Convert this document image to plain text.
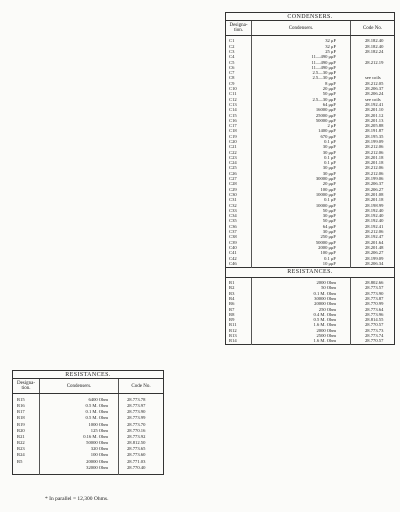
CONDENSERS.		
Designa-
tion.	Condensers.	Code No.
C1	32 μF	28.182.40
C2	32 μF	28.182.40
C3	25 μF	28.182.24
C4	11—490 μμF	
C5	11—490 μμF	28.212.19
C6	11—490 μμF	
C7	2.5—30 μμF	
C8	2.5—30 μμF	see coils
C9	8 μμF	28.212.05
C10	20 μμF	28.206.37
C11	50 μμF	28.206.24
C12	2.5—30 μμF	see coils
C13	64 μμF	28.192.41
C14	16000 μμF	28.201.10
C15	25000 μμF	28.201.12
C16	50000 μμF	28.201.13
C17	2 μF	28.205.88
C18	1400 μμF	28.191.87
C19	670 μμF	28.195.35
C20	0.1 μF	28.199.09
C21	30 μμF	28.212.06
C22	30 μμF	28.212.06
C23	0.1 μF	28.201.18
C24	0.1 μF	28.201.18
C25	30 μμF	28.212.06
C26	30 μμF	28.212.06
C27	30000 μμF	28.199.06
C28	20 μμF	28.206.37
C29	100 μμF	28.206.27
C30	10000 μμF	28.201.08
C31	0.1 μF	28.201.18
C32	10000 μμF	28.198.99
C33	50 μμF	28.192.40
C34	30 μμF	28.192.40
C35	50 μμF	28.192.40
C36	64 μμF	28.192.41
C37	30 μμF	28.212.06
C38	250 μμF	28.192.47
C39	50000 μμF	28.201.64
C40	2000 μμF	28.201.48
C41	100 μμF	28.206.27
C42	0.1 μF	28.199.09
C46	10 μμF	28.206.34
RESISTANCES.		
R1	2000 Ohm	28.802.66
R2	50 Ohm	28.773.57
R3	0.1 M. Ohm	28.773.90
R4	30000 Ohm	28.773.87
R6	20000 Ohm	28.770.99
R7	250 Ohm	28.773.64
R8	0.4 M. Ohm	28.773.96
R9	0.5 M. Ohm	28.814.55
R11	1.6 M. Ohm	28.770.57
R12	2000 Ohm	28.773.73
R13	2500 Ohm	28.773.74
R14	1.6 M. Ohm	28.770.57
RESISTANCES.		
Designa-
tion.	Condensers.	Code No.
R15	6400 Ohm	28.773.78
R16	0.5 M. Ohm	28.773.97
R17	0.1 M. Ohm	28.773.90
R18	0.5 M. Ohm	28.773.99
R19	1000 Ohm	28.773.70
R20	125 Ohm	28.770.16
R21	0.16 M. Ohm	28.773.92
R22	50000 Ohm	28.812.50
R23	320 Ohm	28.773.65
R24	100 Ohm	28.773.60
R5	20000 Ohm	28.771.03
	32000 Ohm	28.770.40
* In parallel = 12,300 Ohms.
